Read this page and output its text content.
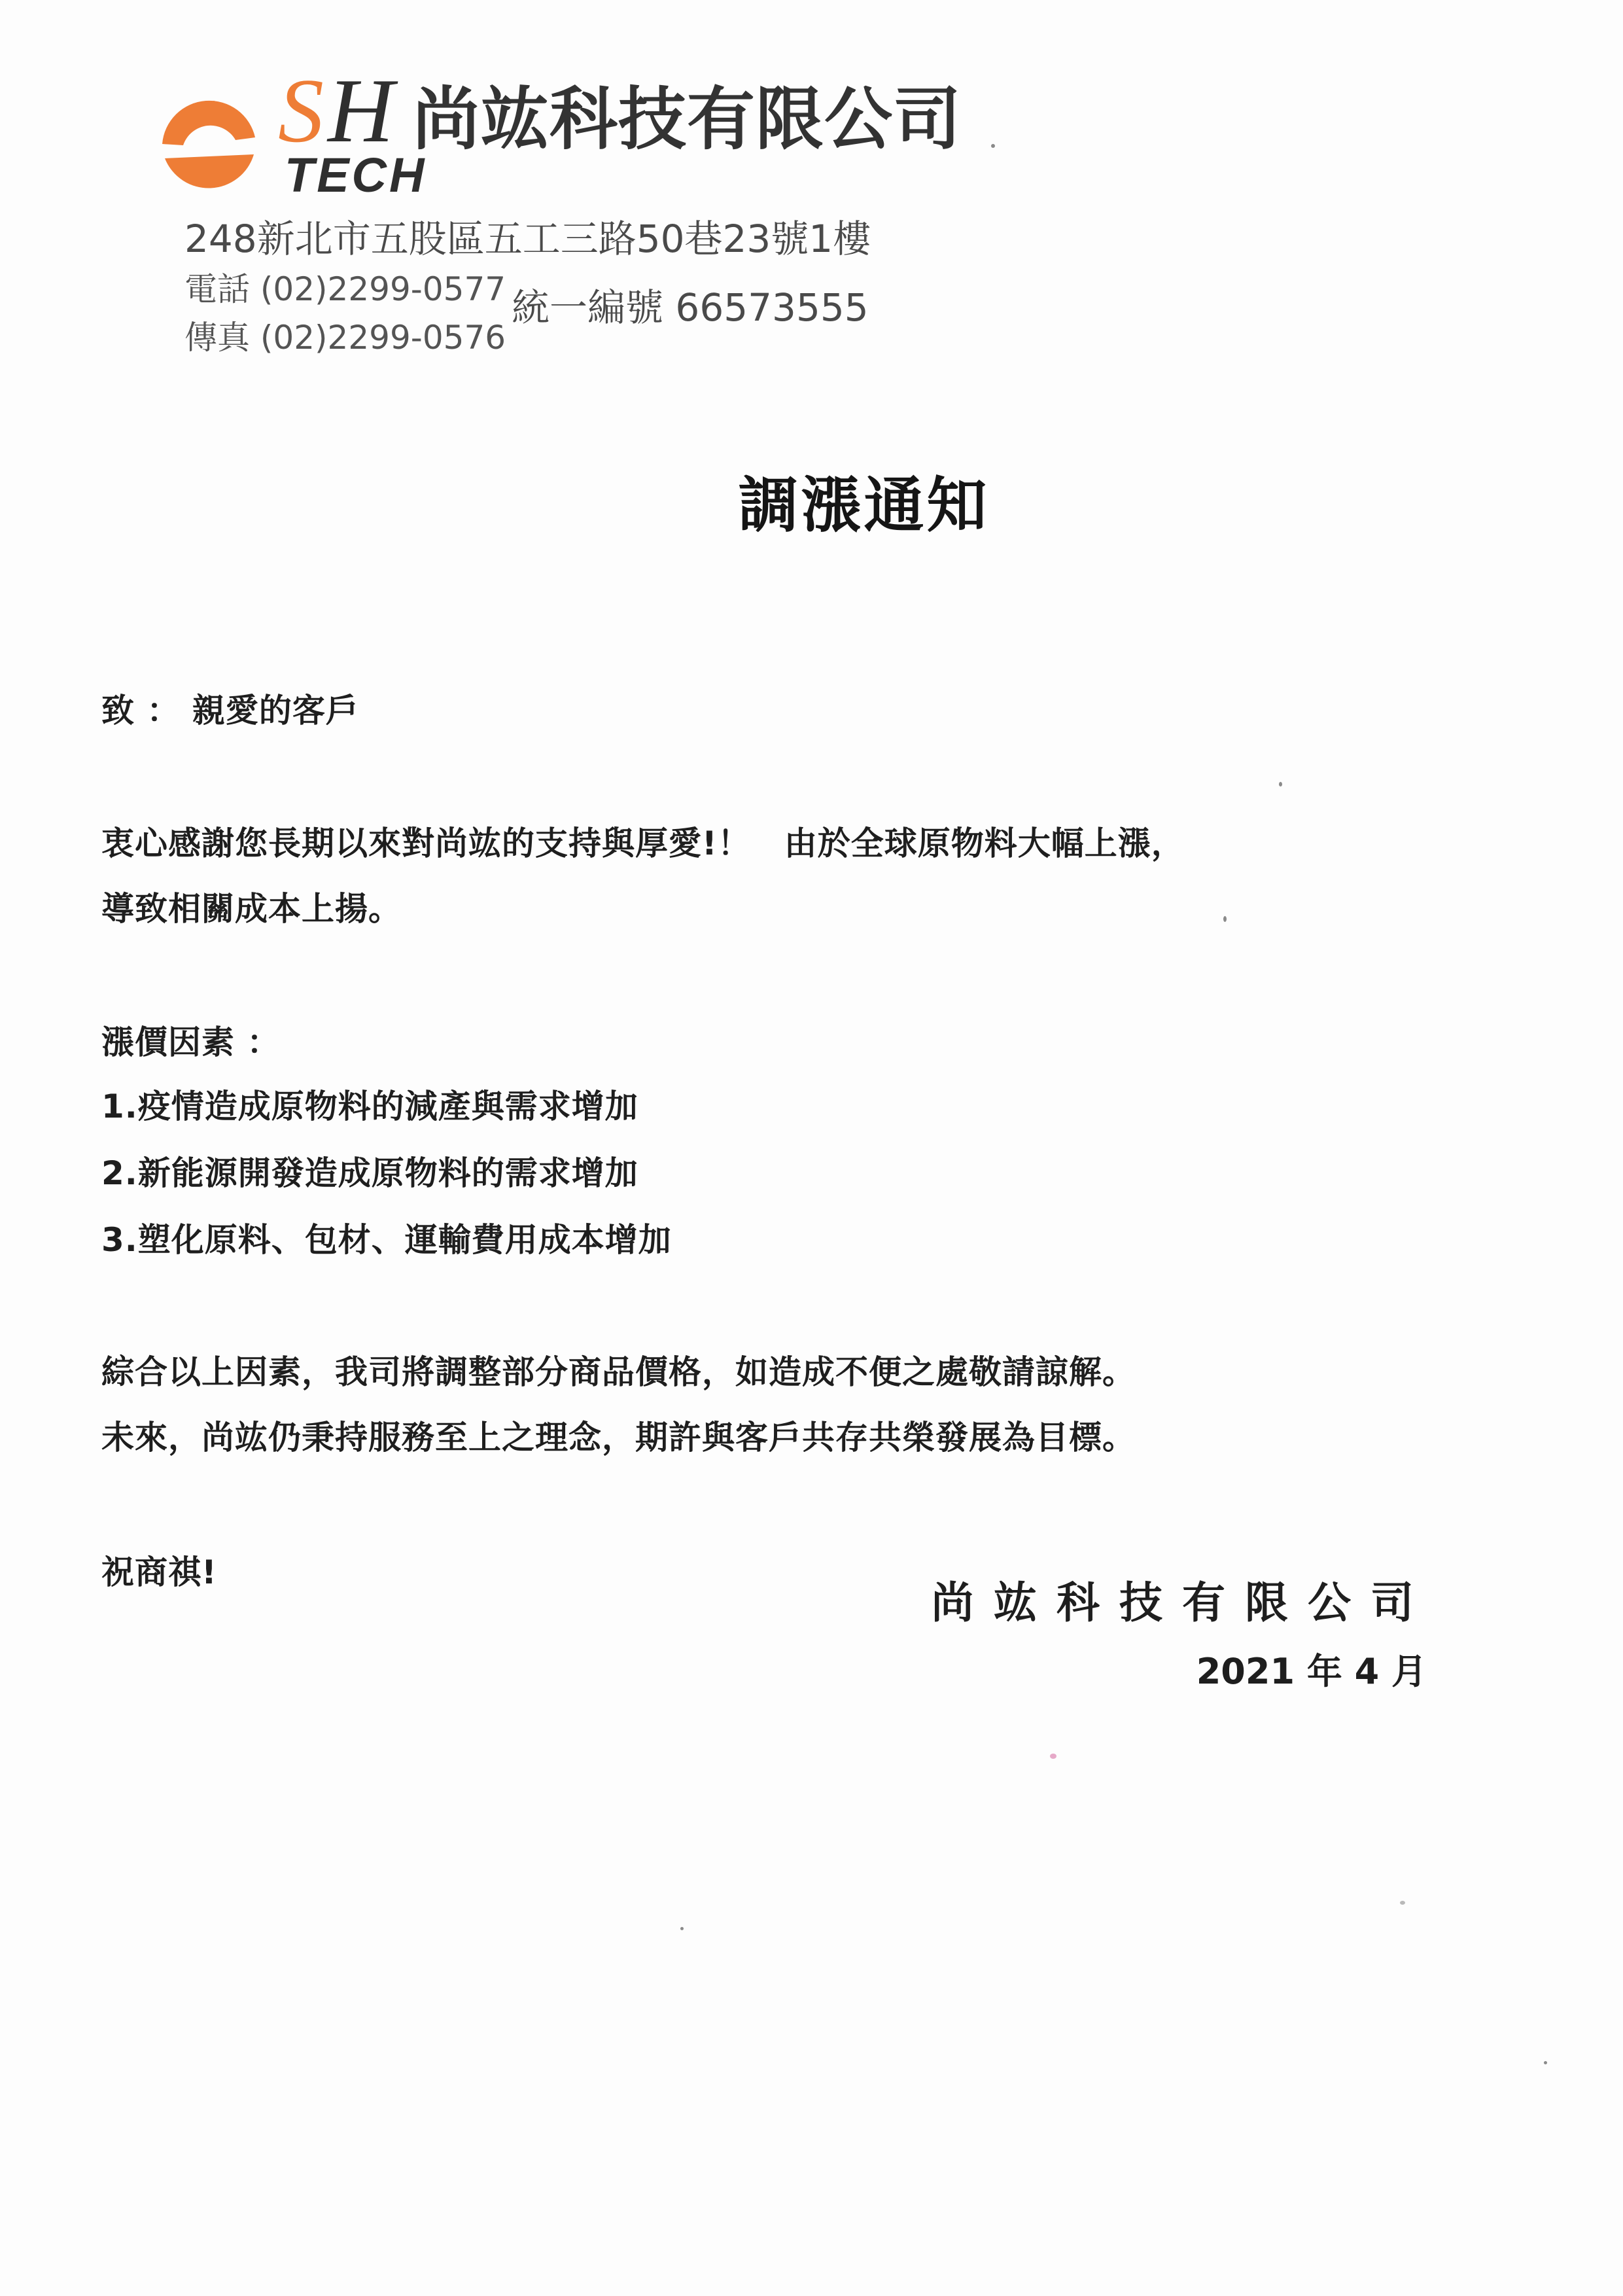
SH 尚竑科技有限公司
TECH
248新北市五股區五工三路50巷23號1樓
電話 (02)2299-0577
傳真 (02)2299-0576
統一編號 66573555
調漲通知
致 ： 親愛的客戶
衷心感謝您長期以來對尚竑的支持與厚愛!！　由於全球原物料大幅上漲，
導致相關成本上揚。
漲價因素 ：
1.疫情造成原物料的減產與需求增加
2.新能源開發造成原物料的需求增加
3.塑化原料、包材、運輸費用成本增加
綜合以上因素，我司將調整部分商品價格，如造成不便之處敬請諒解。
未來，尚竑仍秉持服務至上之理念，期許與客戶共存共榮發展為目標。
祝商祺!
尚竑科技有限公司
2021 年 4 月
